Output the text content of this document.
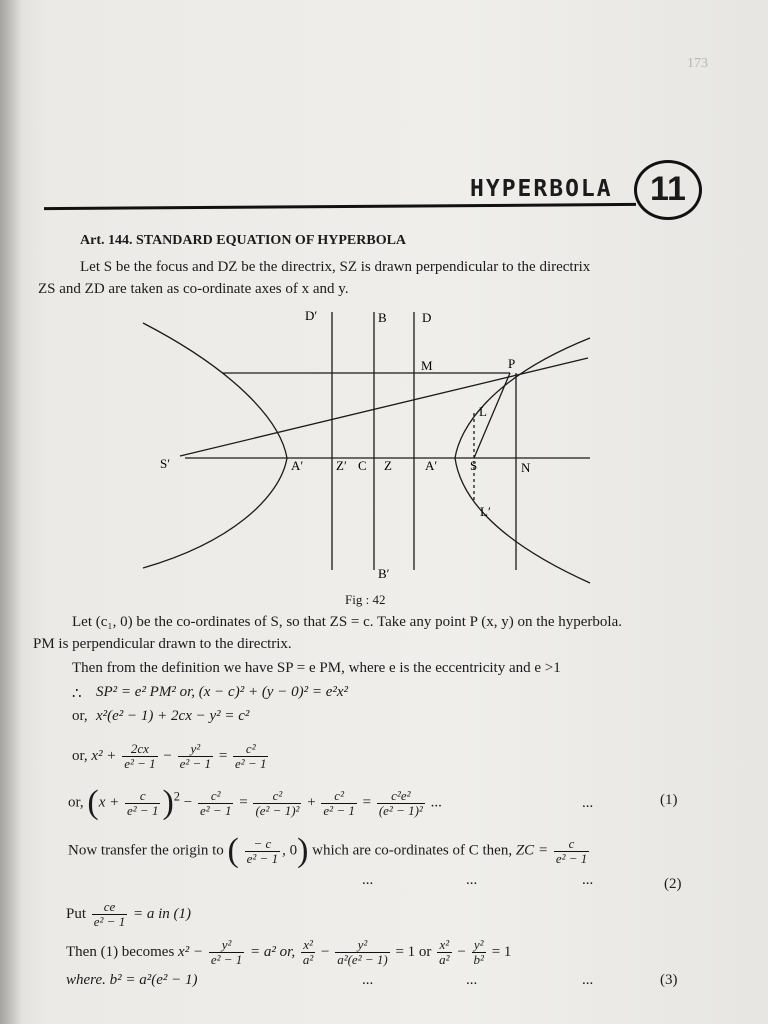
173
HYPERBOLA	11
Art. 144. STANDARD EQUATION OF HYPERBOLA
Let S be the focus and DZ be the directrix, SZ is drawn perpendicular to the directrix
ZS and ZD are taken as co-ordinate axes of x and y.
D′	B	D
M	P
L
S′	A′	Z′ C Z	A′	S	N
L′
B′
Fig : 42
Let (c₁, 0) be the co-ordinates of S, so that ZS = c. Take any point P (x, y) on the hyperbola.
PM is perpendicular drawn to the directrix.
Then from the definition we have SP = e PM, where e is the eccentricity and e >1
∴ SP² = e² PM² or, (x − c)² + (y − 0)² = e²x²
or, x²(e² − 1) + 2cx − y² = c²
or, $x^2 + \frac{2cx}{\text{e² − 1}} - \frac{\text{y²}}{\text{e² − 1}} = \frac{\text{c²}}{\text{e² − 1}}$
or, $(x + \frac{c}{\text{e² − 1}} )^2 - \frac{\text{c²}}{\text{e² − 1}} = \frac{\text{c²}}{\text{(e² − 1)²}} + \frac{\text{c²}}{\text{e² − 1}} = \frac{\text{c²e²}}{\text{(e² − 1)²}}$ ...	...	(1)
Now transfer the origin to ( $\frac{- c}{\text{e² − 1}}$ , 0) which are co-ordinates of C then, ZC = $\frac{c}{\text{e² − 1}}$
...	...	...	(2)
Put $\frac{ce}{\text{e² − 1}} = a$ in (1)
Then (1) becomes $x^2 - \frac{\text{y²}}{\text{e² − 1}} = a^2$ or, $\frac{\text{x²}}{\text{a²}} - \frac{\text{y²}}{\text{a²(e² − 1)}} = 1$ or $\frac{\text{x²}}{\text{a²}} - \frac{\text{y²}}{\text{b²}} = 1$
where. b² = a²(e² − 1)	...	...	...	(3)
